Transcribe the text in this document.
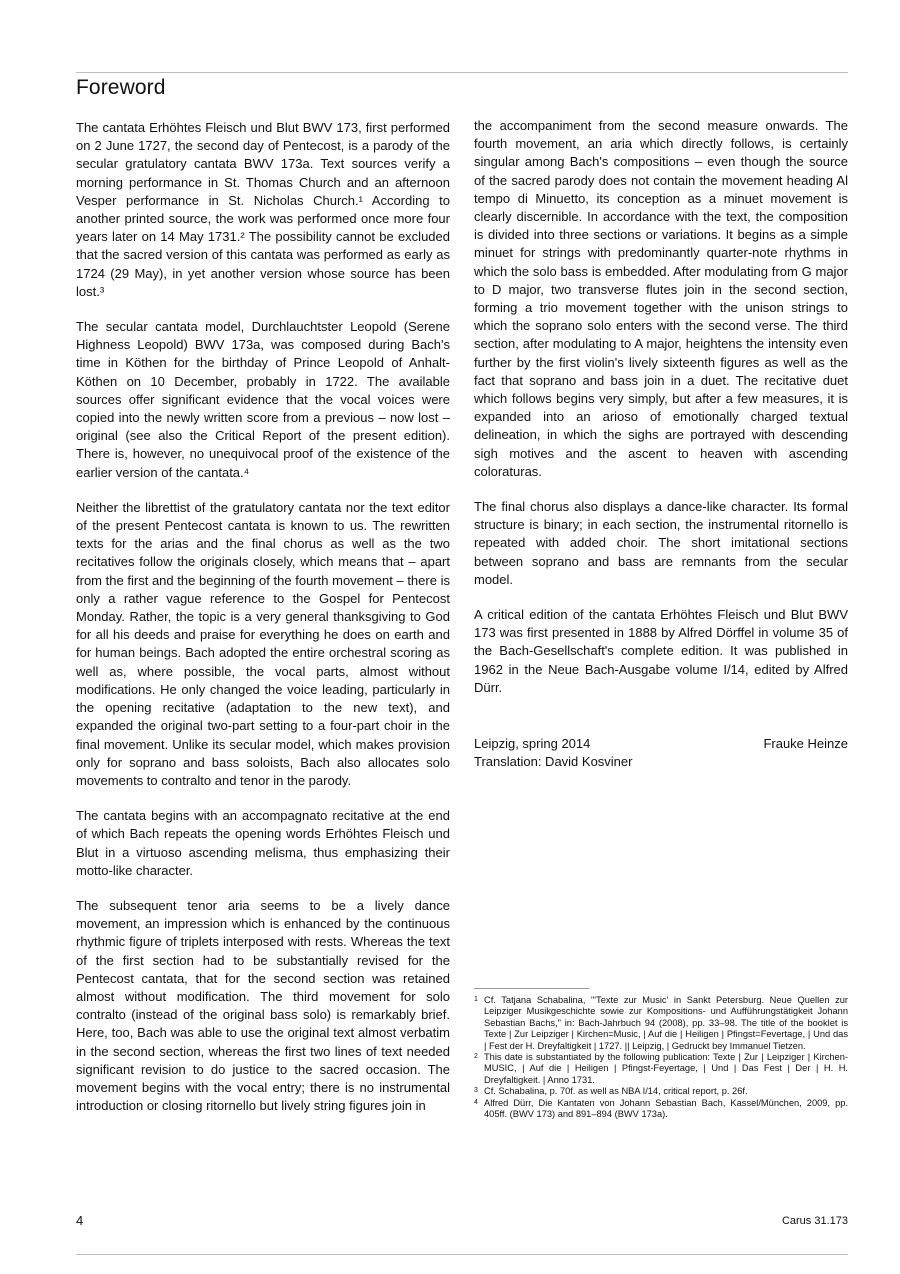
Foreword

The cantata Erhöhtes Fleisch und Blut BWV 173, first performed on 2 June 1727, the second day of Pentecost, is a parody of the secular gratulatory cantata BWV 173a. Text sources verify a morning performance in St. Thomas Church and an afternoon Vesper performance in St. Nicholas Church.¹ According to another printed source, the work was performed once more four years later on 14 May 1731.² The possibility cannot be excluded that the sacred version of this cantata was performed as early as 1724 (29 May), in yet another version whose source has been lost.³

The secular cantata model, Durchlauchtster Leopold (Serene Highness Leopold) BWV 173a, was composed during Bach's time in Köthen for the birthday of Prince Leopold of Anhalt-Köthen on 10 December, probably in 1722. The available sources offer significant evidence that the vocal voices were copied into the newly written score from a previous – now lost – original (see also the Critical Report of the present edition). There is, however, no unequivocal proof of the existence of the earlier version of the cantata.⁴

Neither the librettist of the gratulatory cantata nor the text editor of the present Pentecost cantata is known to us. The rewritten texts for the arias and the final chorus as well as the two recitatives follow the originals closely, which means that – apart from the first and the beginning of the fourth movement – there is only a rather vague reference to the Gospel for Pentecost Monday. Rather, the topic is a very general thanksgiving to God for all his deeds and praise for everything he does on earth and for human beings. Bach adopted the entire orchestral scoring as well as, where possible, the vocal parts, almost without modifications. He only changed the voice leading, particularly in the opening recitative (adaptation to the new text), and expanded the original two-part setting to a four-part choir in the final movement. Unlike its secular model, which makes provision only for soprano and bass soloists, Bach also allocates solo movements to contralto and tenor in the parody.

The cantata begins with an accompagnato recitative at the end of which Bach repeats the opening words Erhöhtes Fleisch und Blut in a virtuoso ascending melisma, thus emphasizing their motto-like character.

The subsequent tenor aria seems to be a lively dance movement, an impression which is enhanced by the continuous rhythmic figure of triplets interposed with rests. Whereas the text of the first section had to be substantially revised for the Pentecost cantata, that for the second section was retained almost without modification. The third movement for solo contralto (instead of the original bass solo) is remarkably brief. Here, too, Bach was able to use the original text almost verbatim in the second section, whereas the first two lines of text needed significant revision to do justice to the sacred occasion. The movement begins with the vocal entry; there is no instrumental introduction or closing ritornello but lively string figures join in

the accompaniment from the second measure onwards. The fourth movement, an aria which directly follows, is certainly singular among Bach's compositions – even though the source of the sacred parody does not contain the movement heading Al tempo di Minuetto, its conception as a minuet movement is clearly discernible. In accordance with the text, the composition is divided into three sections or variations. It begins as a simple minuet for strings with predominantly quarter-note rhythms in which the solo bass is embedded. After modulating from G major to D major, two transverse flutes join in the second section, forming a trio movement together with the unison strings to which the soprano solo enters with the second verse. The third section, after modulating to A major, heightens the intensity even further by the first violin's lively sixteenth figures as well as the fact that soprano and bass join in a duet. The recitative duet which follows begins very simply, but after a few measures, it is expanded into an arioso of emotionally charged textual delineation, in which the sighs are portrayed with descending sigh motives and the ascent to heaven with ascending coloraturas.

The final chorus also displays a dance-like character. Its formal structure is binary; in each section, the instrumental ritornello is repeated with added choir. The short imitational sections between soprano and bass are remnants from the secular model.

A critical edition of the cantata Erhöhtes Fleisch und Blut BWV 173 was first presented in 1888 by Alfred Dörffel in volume 35 of the Bach-Gesellschaft's complete edition. It was published in 1962 in the Neue Bach-Ausgabe volume I/14, edited by Alfred Dürr.

Leipzig, spring 2014	Frauke Heinze
Translation: David Kosviner
1 Cf. Tatjana Schabalina, "'Texte zur Music' in Sankt Petersburg. Neue Quellen zur Leipziger Musikgeschichte sowie zur Kompositions- und Aufführungstätigkeit Johann Sebastian Bachs," in: Bach-Jahrbuch 94 (2008), pp. 33–98. The title of the booklet is Texte | Zur Leipziger | Kirchen=Music, | Auf die | Heiligen | Pfingst=Fevertage, | Und das | Fest der H. Dreyfaltigkeit | 1727. || Leipzig, | Gedruckt bey Immanuel Tietzen.
2 This date is substantiated by the following publication: Texte | Zur | Leipziger | Kirchen-MUSIC, | Auf die | Heiligen | Pfingst-Feyertage, | Und | Das Fest | Der | H. H. Dreyfaltigkeit. | Anno 1731.
3 Cf. Schabalina, p. 70f. as well as NBA I/14, critical report, p. 26f.
4 Alfred Dürr, Die Kantaten von Johann Sebastian Bach, Kassel/München, 2009, pp. 405ff. (BWV 173) and 891–894 (BWV 173a).
4	Carus 31.173
